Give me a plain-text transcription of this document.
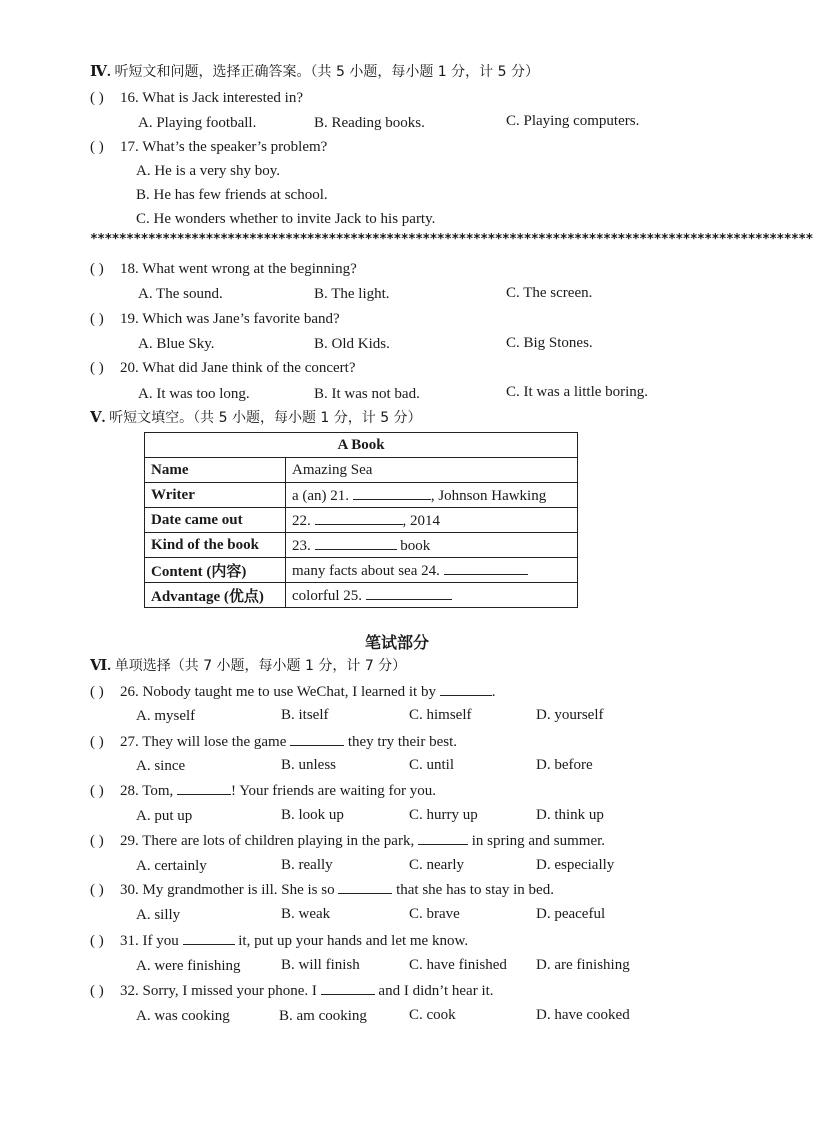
Ⅳ. 听短文和问题，选择正确答案。（共 5 小题，每小题 1 分，计 5 分）
( ) 16. What is Jack interested in?
A. Playing football.	B. Reading books.	C. Playing computers.
( ) 17. What’s the speaker’s problem?
A. He is a very shy boy.
B. He has few friends at school.
C. He wonders whether to invite Jack to his party.
****************************************************************************************************
( ) 18. What went wrong at the beginning?
A. The sound.	B. The light.	C. The screen.
( ) 19. Which was Jane’s favorite band?
A. Blue Sky.	B. Old Kids.	C. Big Stones.
( ) 20. What did Jane think of the concert?
A. It was too long.	B. It was not bad.	C. It was a little boring.
Ⅴ. 听短文填空。（共 5 小题，每小题 1 分，计 5 分）
A Book	
Name	Amazing Sea
Writer	a (an) 21. , Johnson Hawking
Date came out	22. , 2014
Kind of the book	23. book
Content (内容)	many facts about sea 24.
Advantage (优点)	colorful 25.
笔试部分
Ⅵ. 单项选择（共 7 小题，每小题 1 分，计 7 分）
( ) 26. Nobody taught me to use WeChat, I learned it by	.
A. myself	B. itself	C. himself	D. yourself
( ) 27. They will lose the game	they try their best.
A. since	B. unless	C. until	D. before
( ) 28. Tom,	! Your friends are waiting for you.
A. put up	B. look up	C. hurry up	D. think up
( ) 29. There are lots of children playing in the park,	in spring and summer.
A. certainly	B. really	C. nearly	D. especially
( ) 30. My grandmother is ill. She is so	that she has to stay in bed.
A. silly	B. weak	C. brave	D. peaceful
( ) 31. If you	it, put up your hands and let me know.
A. were finishing	B. will finish	C. have finished D. are finishing
( ) 32. Sorry, I missed your phone. I	and I didn’t hear it.
A. was cooking	B. am cooking	C. cook	D. have cooked
